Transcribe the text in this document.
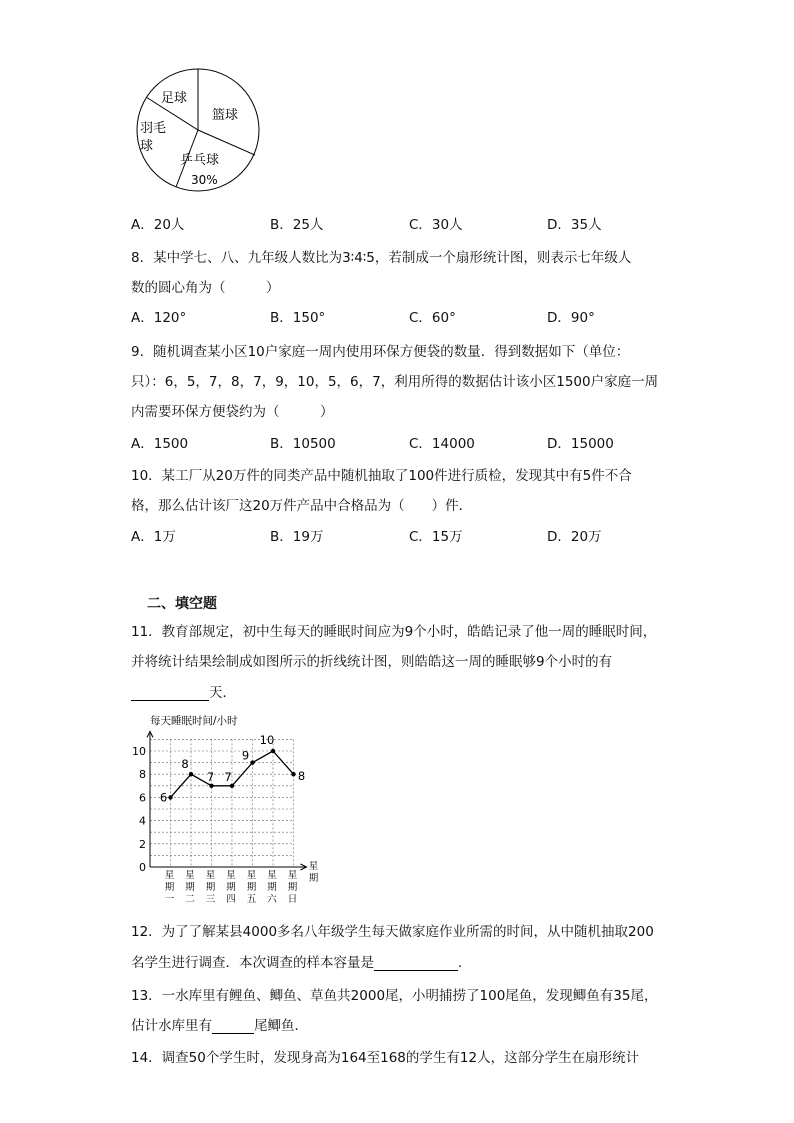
足球
篮球
羽毛
球
乒乓球
30%
A．20人	B．25人	C．30人	D．35人
8．某中学七、八、九年级人数比为3∶4∶5，若制成一个扇形统计图，则表示七年级人
数的圆心角为（　　　）
A．120°	B．150°	C．60°	D．90°
9．随机调查某小区10户家庭一周内使用环保方便袋的数量．得到数据如下（单位：
只）：6，5，7，8，7，9，10，5，6，7，利用所得的数据估计该小区1500户家庭一周
内需要环保方便袋约为（　　　）
A．1500	B．10500	C．14000	D．15000
10．某工厂从20万件的同类产品中随机抽取了100件进行质检，发现其中有5件不合
格，那么估计该厂这20万件产品中合格品为（　　）件．
A．1万	B．19万	C．15万	D．20万
二、填空题
11．教育部规定，初中生每天的睡眠时间应为9个小时，皓皓记录了他一周的睡眠时间，
并将统计结果绘制成如图所示的折线统计图，则皓皓这一周的睡眠够9个小时的有
天．
每天睡眠时间/小时
0
2
4
6
8
10
星
期
一
星
期
二
星
期
三
星
期
四
星
期
五
星
期
六
星
期
日
星
期
6
8
7 7
9
10
8
12．为了了解某县4000多名八年级学生每天做家庭作业所需的时间，从中随机抽取200
名学生进行调查．本次调查的样本容量是	．
13．一水库里有鲤鱼、鲫鱼、草鱼共2000尾，小明捕捞了100尾鱼，发现鲫鱼有35尾，
估计水库里有	尾鲫鱼．
14．调查50个学生时，发现身高为164至168的学生有12人，这部分学生在扇形统计
